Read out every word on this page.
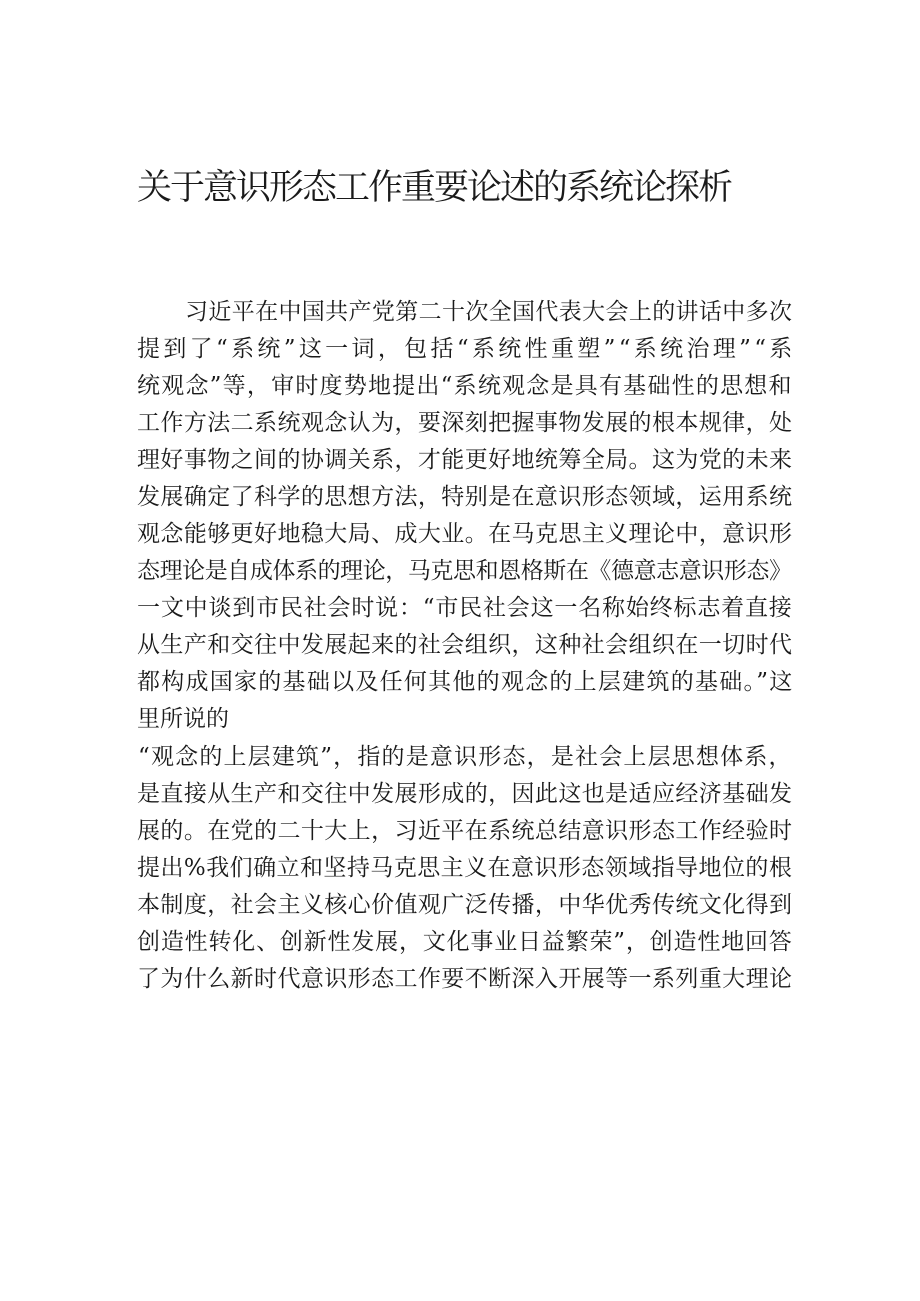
关于意识形态工作重要论述的系统论探析

习近平在中国共产党第二十次全国代表大会上的讲话中多次

提到了“系统”这一词，包括“系统性重塑”“系统治理”“系

统观念”等，审时度势地提出“系统观念是具有基础性的思想和

工作方法二系统观念认为，要深刻把握事物发展的根本规律，处

理好事物之间的协调关系，才能更好地统筹全局。这为党的未来

发展确定了科学的思想方法，特别是在意识形态领域，运用系统

观念能够更好地稳大局、成大业。在马克思主义理论中，意识形

态理论是自成体系的理论，马克思和恩格斯在《德意志意识形态》

一文中谈到市民社会时说：“市民社会这一名称始终标志着直接

从生产和交往中发展起来的社会组织，这种社会组织在一切时代

都构成国家的基础以及任何其他的观念的上层建筑的基础。”这

里所说的

“观念的上层建筑”，指的是意识形态，是社会上层思想体系，

是直接从生产和交往中发展形成的，因此这也是适应经济基础发

展的。在党的二十大上，习近平在系统总结意识形态工作经验时

提出%我们确立和坚持马克思主义在意识形态领域指导地位的根

本制度，社会主义核心价值观广泛传播，中华优秀传统文化得到

创造性转化、创新性发展，文化事业日益繁荣”，创造性地回答

了为什么新时代意识形态工作要不断深入开展等一系列重大理论
